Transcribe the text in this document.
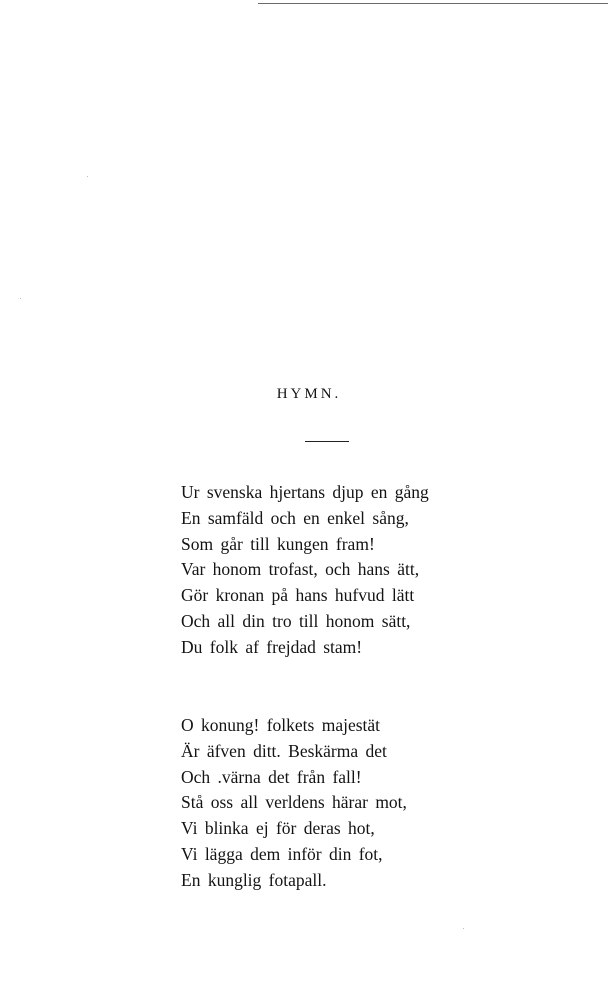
HYMN.
Ur svenska hjertans djup en gång
En samfäld och en enkel sång,
Som går till kungen fram!
Var honom trofast, och hans ätt,
Gör kronan på hans hufvud lätt
Och all din tro till honom sätt,
Du folk af frejdad stam!
O konung! folkets majestät
Är äfven ditt. Beskärma det
Och .värna det från fall!
Stå oss all verldens härar mot,
Vi blinka ej för deras hot,
Vi lägga dem inför din fot,
En kunglig fotapall.
